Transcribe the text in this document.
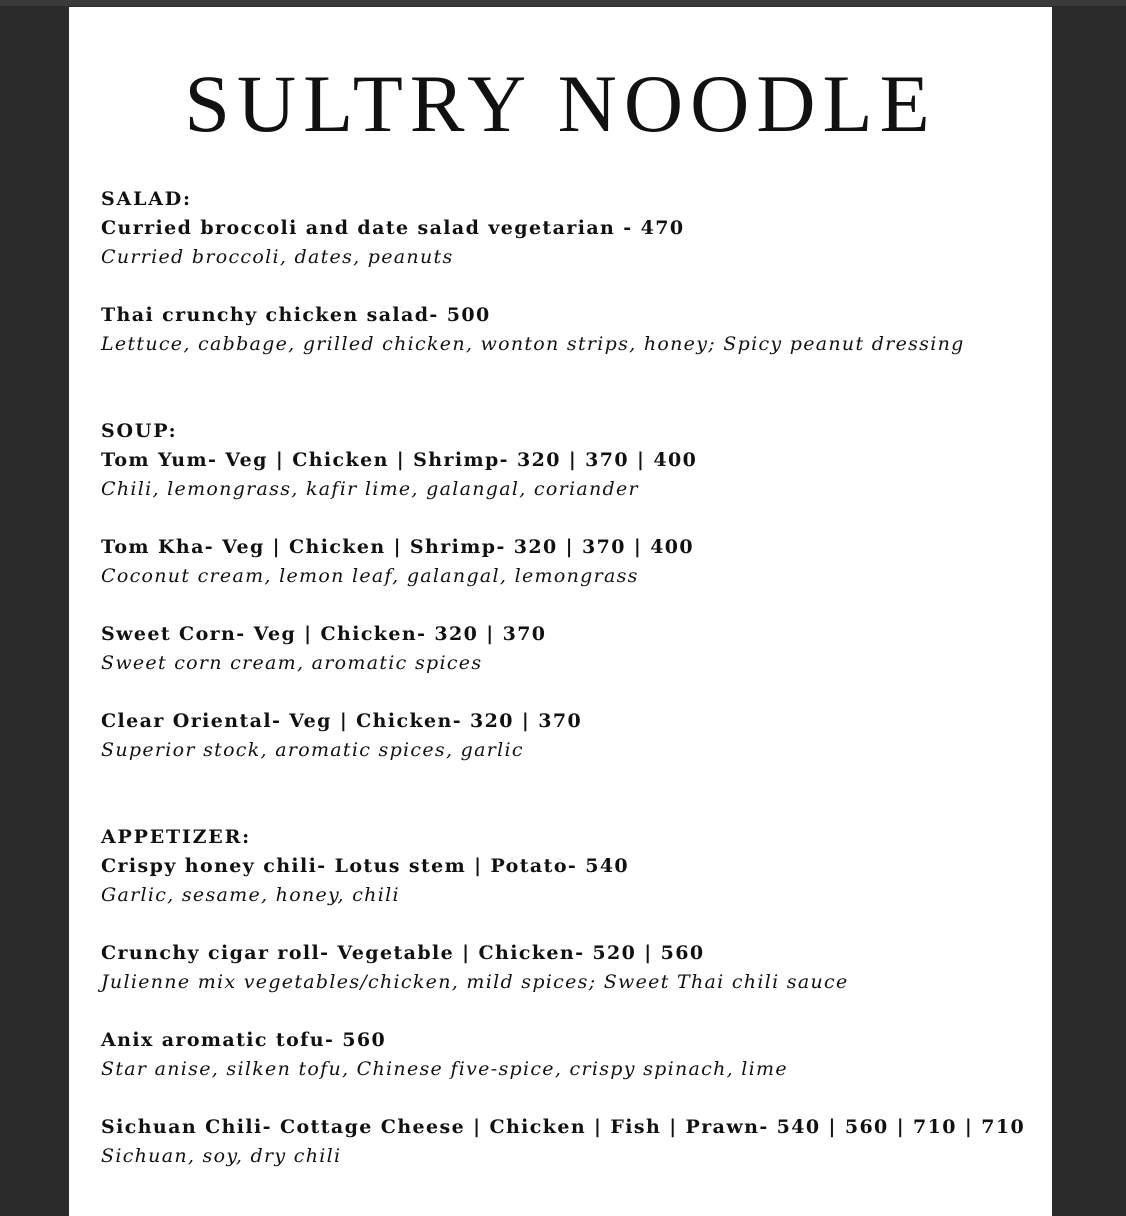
SULTRY NOODLE
SALAD:
Curried broccoli and date salad vegetarian - 470
Curried broccoli, dates, peanuts
Thai crunchy chicken salad- 500
Lettuce, cabbage, grilled chicken, wonton strips, honey; Spicy peanut dressing
SOUP:
Tom Yum- Veg | Chicken | Shrimp- 320 | 370 | 400
Chili, lemongrass, kafir lime, galangal, coriander
Tom Kha- Veg | Chicken | Shrimp- 320 | 370 | 400
Coconut cream, lemon leaf, galangal, lemongrass
Sweet Corn- Veg | Chicken- 320 | 370
Sweet corn cream, aromatic spices
Clear Oriental- Veg | Chicken- 320 | 370
Superior stock, aromatic spices, garlic
APPETIZER:
Crispy honey chili- Lotus stem | Potato- 540
Garlic, sesame, honey, chili
Crunchy cigar roll- Vegetable | Chicken- 520 | 560
Julienne mix vegetables/chicken, mild spices; Sweet Thai chili sauce
Anix aromatic tofu- 560
Star anise, silken tofu, Chinese five-spice, crispy spinach, lime
Sichuan Chili- Cottage Cheese | Chicken | Fish | Prawn- 540 | 560 | 710 | 710
Sichuan, soy, dry chili
